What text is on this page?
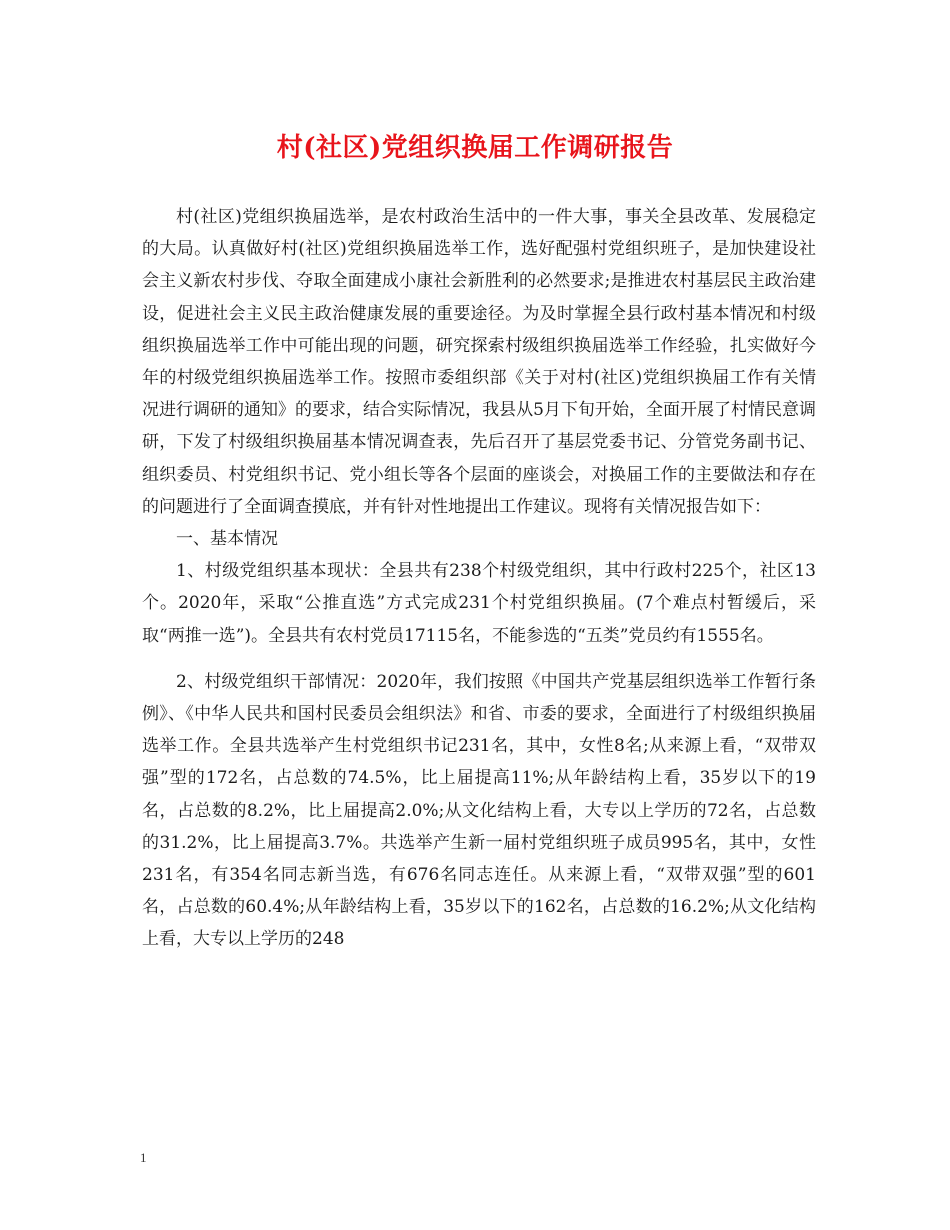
村(社区)党组织换届工作调研报告

村(社区)党组织换届选举，是农村政治生活中的一件大事，事关全县改革、发展稳定的大局。认真做好村(社区)党组织换届选举工作，选好配强村党组织班子，是加快建设社会主义新农村步伐、夺取全面建成小康社会新胜利的必然要求;是推进农村基层民主政治建设，促进社会主义民主政治健康发展的重要途径。为及时掌握全县行政村基本情况和村级组织换届选举工作中可能出现的问题，研究探索村级组织换届选举工作经验，扎实做好今年的村级党组织换届选举工作。按照市委组织部《关于对村(社区)党组织换届工作有关情况进行调研的通知》的要求，结合实际情况，我县从5月下旬开始，全面开展了村情民意调研，下发了村级组织换届基本情况调查表，先后召开了基层党委书记、分管党务副书记、组织委员、村党组织书记、党小组长等各个层面的座谈会，对换届工作的主要做法和存在的问题进行了全面调查摸底，并有针对性地提出工作建议。现将有关情况报告如下：

一、基本情况

1、村级党组织基本现状：全县共有238个村级党组织，其中行政村225个，社区13个。2020年，采取“公推直选”方式完成231个村党组织换届。(7个难点村暂缓后，采取“两推一选”)。全县共有农村党员17115名，不能参选的“五类”党员约有1555名。

2、村级党组织干部情况：2020年，我们按照《中国共产党基层组织选举工作暂行条例》、《中华人民共和国村民委员会组织法》和省、市委的要求，全面进行了村级组织换届选举工作。全县共选举产生村党组织书记231名，其中，女性8名;从来源上看，“双带双强”型的172名，占总数的74.5%，比上届提高11%;从年龄结构上看，35岁以下的19名，占总数的8.2%，比上届提高2.0%;从文化结构上看，大专以上学历的72名，占总数的31.2%，比上届提高3.7%。共选举产生新一届村党组织班子成员995名，其中，女性231名，有354名同志新当选，有676名同志连任。从来源上看，“双带双强”型的601名，占总数的60.4%;从年龄结构上看，35岁以下的162名，占总数的16.2%;从文化结构上看，大专以上学历的248

1
